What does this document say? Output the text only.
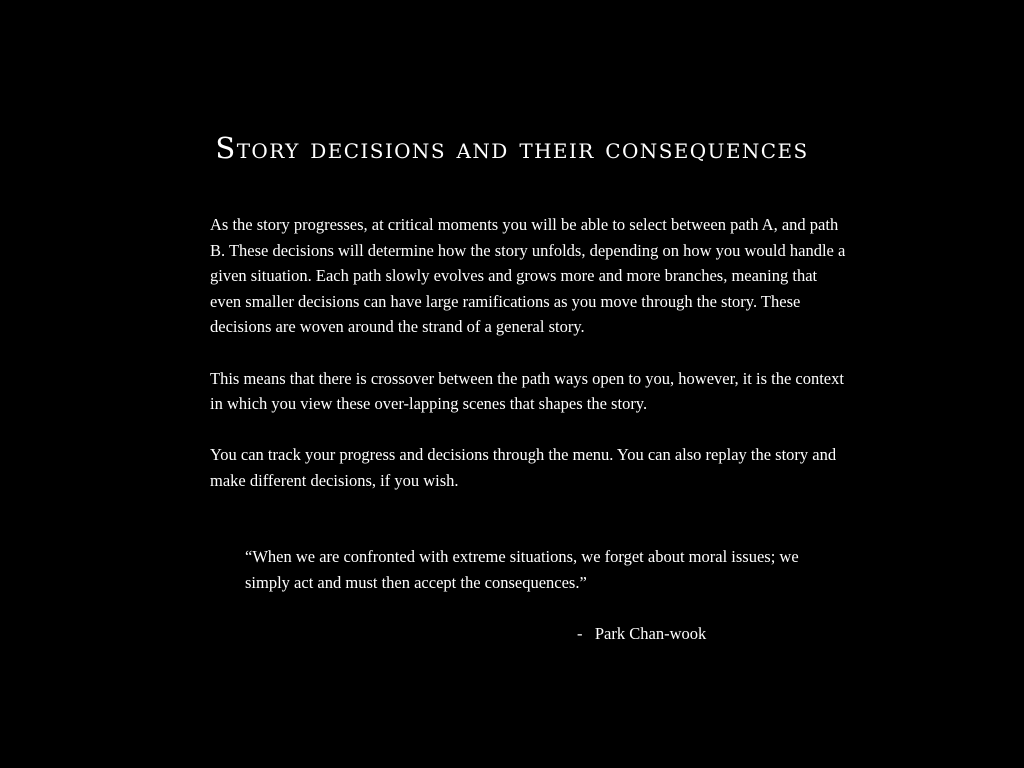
Story decisions and their consequences

As the story progresses, at critical moments you will be able to select between path A, and path B. These decisions will determine how the story unfolds, depending on how you would handle a given situation. Each path slowly evolves and grows more and more branches, meaning that even smaller decisions can have large ramifications as you move through the story. These decisions are woven around the strand of a general story.

This means that there is crossover between the path ways open to you, however, it is the context in which you view these over-lapping scenes that shapes the story.

You can track your progress and decisions through the menu. You can also replay the story and make different decisions, if you wish.

“When we are confronted with extreme situations, we forget about moral issues; we simply act and must then accept the consequences.”
- Park Chan-wook
